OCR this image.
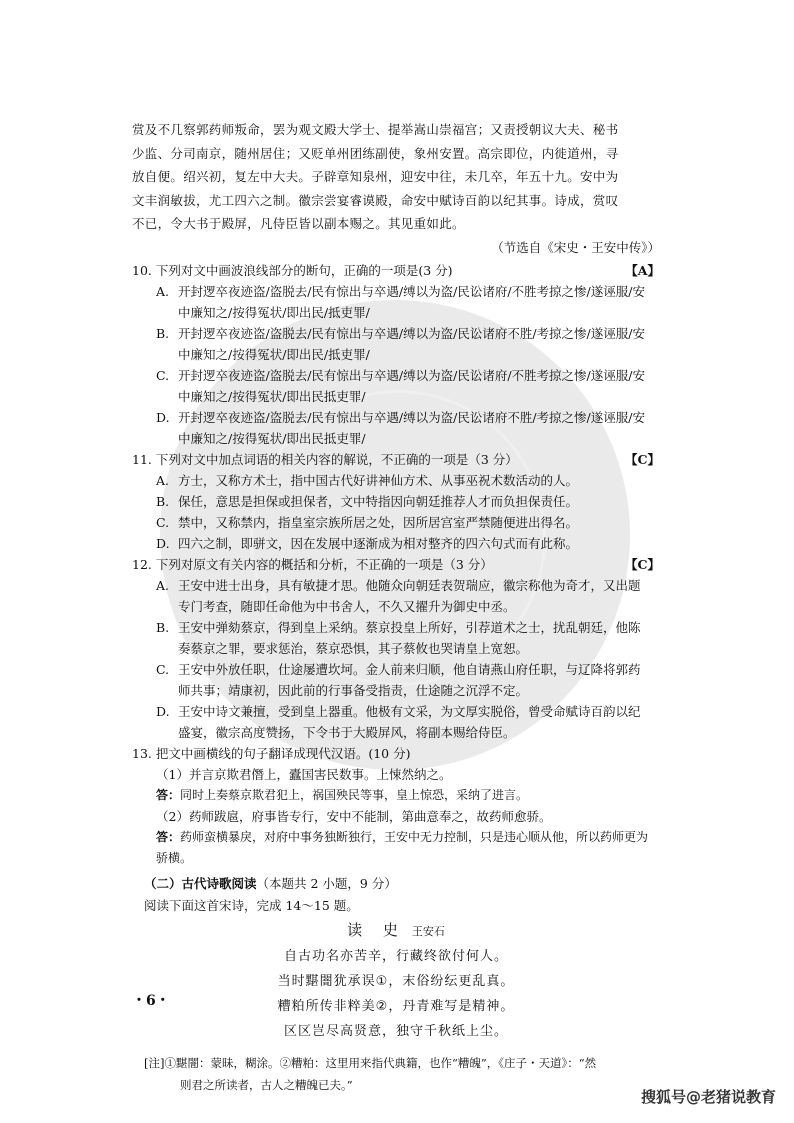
赏及不几察郭药师叛命，罢为观文殿大学士、提举嵩山崇福宫；又责授朝议大夫、秘书

少监、分司南京，随州居住；又贬单州团练副使，象州安置。高宗即位，内徙道州，寻

放自便。绍兴初，复左中大夫。子辟章知泉州，迎安中往，未几卒，年五十九。安中为

文丰润敏拔，尤工四六之制。徽宗尝宴睿谟殿，命安中赋诗百韵以纪其事。诗成，赏叹

不已，令大书于殿屏，凡侍臣皆以副本赐之。其见重如此。

（节选自《宋史・王安中传》）

10. 下列对文中画波浪线部分的断句，正确的一项是(3 分)	【A】

A. 开封逻卒夜迹盗/盗脱去/民有惊出与卒遇/缚以为盗/民讼诸府/不胜考掠之惨/遂诬服/安中廉知之/按得冤状/即出民/抵吏罪/

B. 开封逻卒夜迹盗/盗脱去/民有惊出与卒遇/缚以为盗/民讼诸府不胜/考掠之惨/遂诬服/安中廉知之/按得冤状/即出民/抵吏罪/

C. 开封逻卒夜迹盗/盗脱去/民有惊出与卒遇/缚以为盗/民讼诸府/不胜考掠之惨/遂诬服/安中廉知之/按得冤状/即出民抵吏罪/

D. 开封逻卒夜迹盗/盗脱去/民有惊出与卒遇/缚以为盗/民讼诸府不胜/考掠之惨/遂诬服/安中廉知之/按得冤状/即出民抵吏罪/

11. 下列对文中加点词语的相关内容的解说，不正确的一项是（3 分）	【C】

A. 方士，又称方术士，指中国古代好讲神仙方术、从事巫祝术数活动的人。

B. 保任，意思是担保或担保者，文中特指因向朝廷推荐人才而负担保责任。

C. 禁中，又称禁内，指皇室宗族所居之处，因所居宫室严禁随便进出得名。

D. 四六之制，即骈文，因在发展中逐渐成为相对整齐的四六句式而有此称。

12. 下列对原文有关内容的概括和分析，不正确的一项是（3 分）	【C】

A. 王安中进士出身，具有敏捷才思。他随众向朝廷表贺瑞应，徽宗称他为奇才，又出题专门考查，随即任命他为中书舍人，不久又擢升为御史中丞。

B. 王安中弹劾蔡京，得到皇上采纳。蔡京投皇上所好，引荐道术之士，扰乱朝廷，他陈奏蔡京之罪，要求惩治，蔡京恐惧，其子蔡攸也哭请皇上宽恕。

C. 王安中外放任职，仕途屡遭坎坷。金人前来归顺，他自请燕山府任职，与辽降将郭药师共事；靖康初，因此前的行事备受指责，仕途随之沉浮不定。

D. 王安中诗文兼擅，受到皇上器重。他极有文采，为文厚实脱俗，曾受命赋诗百韵以纪盛宴，徽宗高度赞扬，下令书于大殿屏风，将副本赐给侍臣。

13. 把文中画横线的句子翻译成现代汉语。(10 分)

（1）并言京欺君僭上，蠹国害民数事。上悚然纳之。

答：同时上奏蔡京欺君犯上，祸国殃民等事，皇上惊恐，采纳了进言。

（2）药师跋扈，府事皆专行，安中不能制，第曲意奉之，故药师愈骄。

答：药师蛮横暴戾，对府中事务独断独行，王安中无力控制，只是违心顺从他，所以药师更为骄横。

（二）古代诗歌阅读（本题共 2 小题，9 分）

阅读下面这首宋诗，完成 14～15 题。

读 史 王安石

自古功名亦苦辛，行藏终欲付何人。

当时黮闇犹承误①，末俗纷纭更乱真。

糟粕所传非粹美②，丹青难写是精神。

区区岂尽高贤意，独守千秋纸上尘。

[注]①黮闇：蒙昧，糊涂。②糟粕：这里用来指代典籍，也作“糟魄”，《庄子・天道》：“然
则君之所读者，古人之糟魄已夫。”

・6・
搜狐号@老猪说教育
